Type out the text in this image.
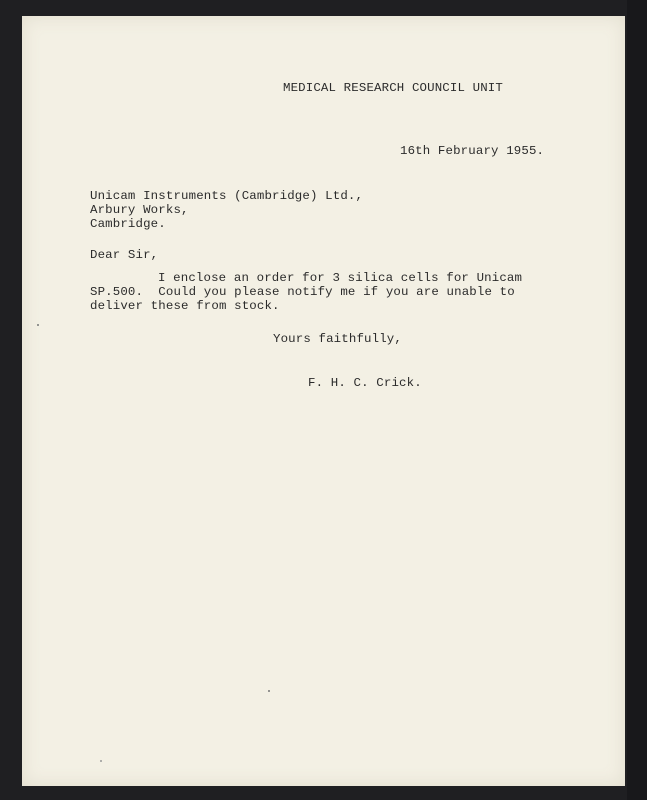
MEDICAL RESEARCH COUNCIL UNIT
16th February 1955.
Unicam Instruments (Cambridge) Ltd.,
Arbury Works,
Cambridge.
Dear Sir,
I enclose an order for 3 silica cells for Unicam
SP.500.  Could you please notify me if you are unable to
deliver these from stock.
Yours faithfully,
F. H. C. Crick.
